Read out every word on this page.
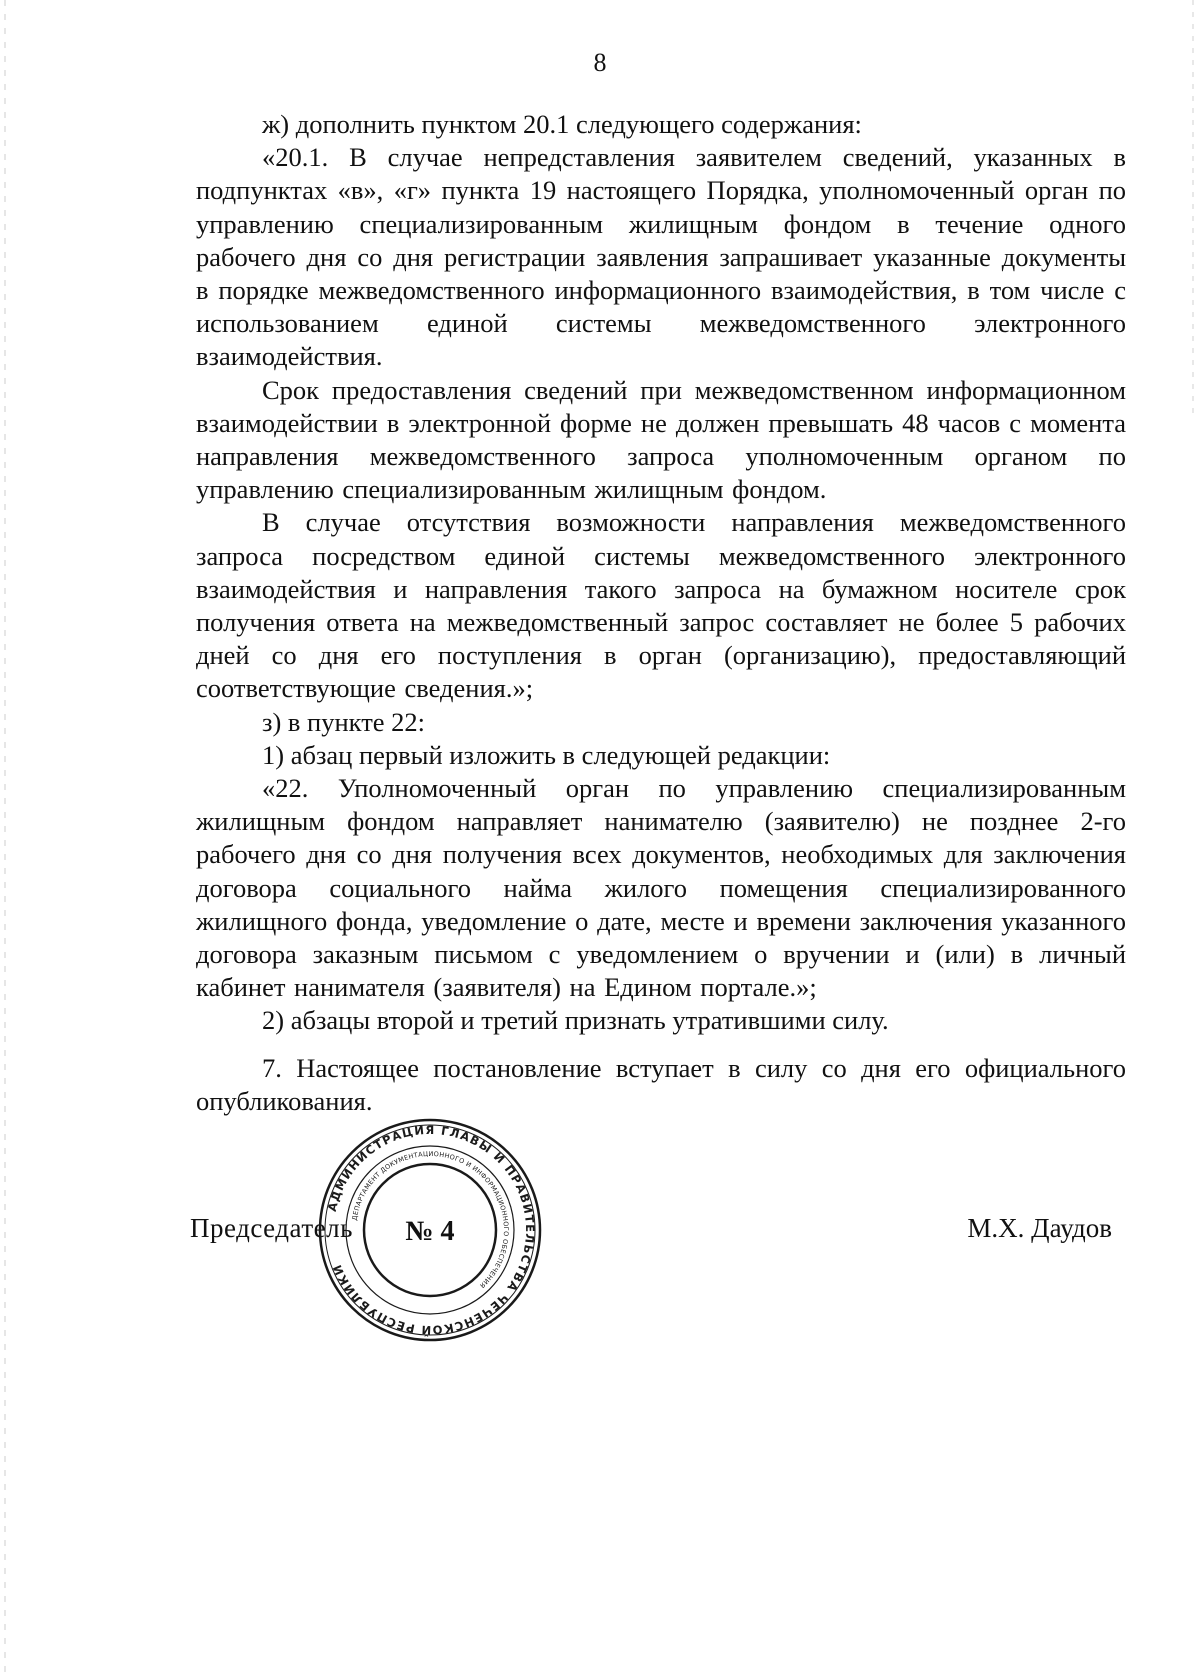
8

ж) дополнить пунктом 20.1 следующего содержания:

«20.1. В случае непредставления заявителем сведений, указанных в подпунктах «в», «г» пункта 19 настоящего Порядка, уполномоченный орган по управлению специализированным жилищным фондом в течение одного рабочего дня со дня регистрации заявления запрашивает указанные документы в порядке межведомственного информационного взаимодействия, в том числе с использованием единой системы межведомственного электронного взаимодействия.

Срок предоставления сведений при межведомственном информационном взаимодействии в электронной форме не должен превышать 48 часов с момента направления межведомственного запроса уполномоченным органом по управлению специализированным жилищным фондом.

В случае отсутствия возможности направления межведомственного запроса посредством единой системы межведомственного электронного взаимодействия и направления такого запроса на бумажном носителе срок получения ответа на межведомственный запрос составляет не более 5 рабочих дней со дня его поступления в орган (организацию), предоставляющий соответствующие сведения.»;

з) в пункте 22:

1) абзац первый изложить в следующей редакции:

«22. Уполномоченный орган по управлению специализированным жилищным фондом направляет нанимателю (заявителю) не позднее 2-го рабочего дня со дня получения всех документов, необходимых для заключения договора социального найма жилого помещения специализированного жилищного фонда, уведомление о дате, месте и времени заключения указанного договора заказным письмом с уведомлением о вручении и (или) в личный кабинет нанимателя (заявителя) на Едином портале.»;

2) абзацы второй и третий признать утратившими силу.

7. Настоящее постановление вступает в силу со дня его официального опубликования.

Председатель	М.Х. Даудов
АДМИНИСТРАЦИЯ ГЛАВЫ И ПРАВИТЕЛЬСТВА ЧЕЧЕНСКОЙ РЕСПУБЛИКИ
ДЕПАРТАМЕНТ ДОКУМЕНТАЦИОННОГО И ИНФОРМАЦИОННОГО ОБЕСПЕЧЕНИЯ
№ 4
